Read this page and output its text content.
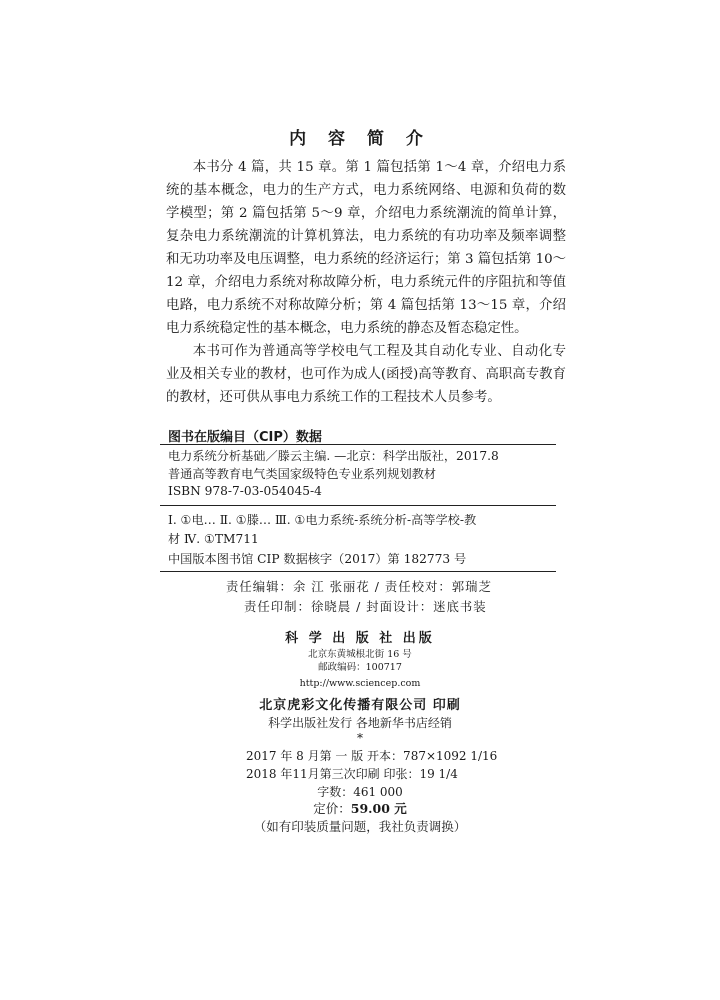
内 容 简 介

本书分 4 篇，共 15 章。第 1 篇包括第 1～4 章，介绍电力系统的基本概念，电力的生产方式，电力系统网络、电源和负荷的数学模型；第 2 篇包括第 5～9 章，介绍电力系统潮流的简单计算，复杂电力系统潮流的计算机算法，电力系统的有功功率及频率调整和无功功率及电压调整，电力系统的经济运行；第 3 篇包括第 10～12 章，介绍电力系统对称故障分析，电力系统元件的序阻抗和等值电路，电力系统不对称故障分析；第 4 篇包括第 13～15 章，介绍电力系统稳定性的基本概念，电力系统的静态及暂态稳定性。

本书可作为普通高等学校电气工程及其自动化专业、自动化专业及相关专业的教材，也可作为成人(函授)高等教育、高职高专教育的教材，还可供从事电力系统工作的工程技术人员参考。

图书在版编目（CIP）数据
电力系统分析基础／滕云主编. —北京：科学出版社，2017.8
普通高等教育电气类国家级特色专业系列规划教材
ISBN 978-7-03-054045-4
Ⅰ. ①电… Ⅱ. ①滕… Ⅲ. ①电力系统-系统分析-高等学校-教
材 Ⅳ. ①TM711
中国版本图书馆 CIP 数据核字（2017）第 182773 号
责任编辑：余 江 张丽花 / 责任校对：郭瑞芝
责任印制：徐晓晨 / 封面设计：迷底书装
科 学 出 版 社 出版
北京东黄城根北街 16 号
邮政编码：100717
http://www.sciencep.com
北京虎彩文化传播有限公司 印刷
科学出版社发行 各地新华书店经销
*
2017 年 8 月第 一 版 开本：787×1092 1/16
2018 年11月第三次印刷 印张：19 1/4
字数：461 000
定价：59.00 元
（如有印装质量问题，我社负责调换）
